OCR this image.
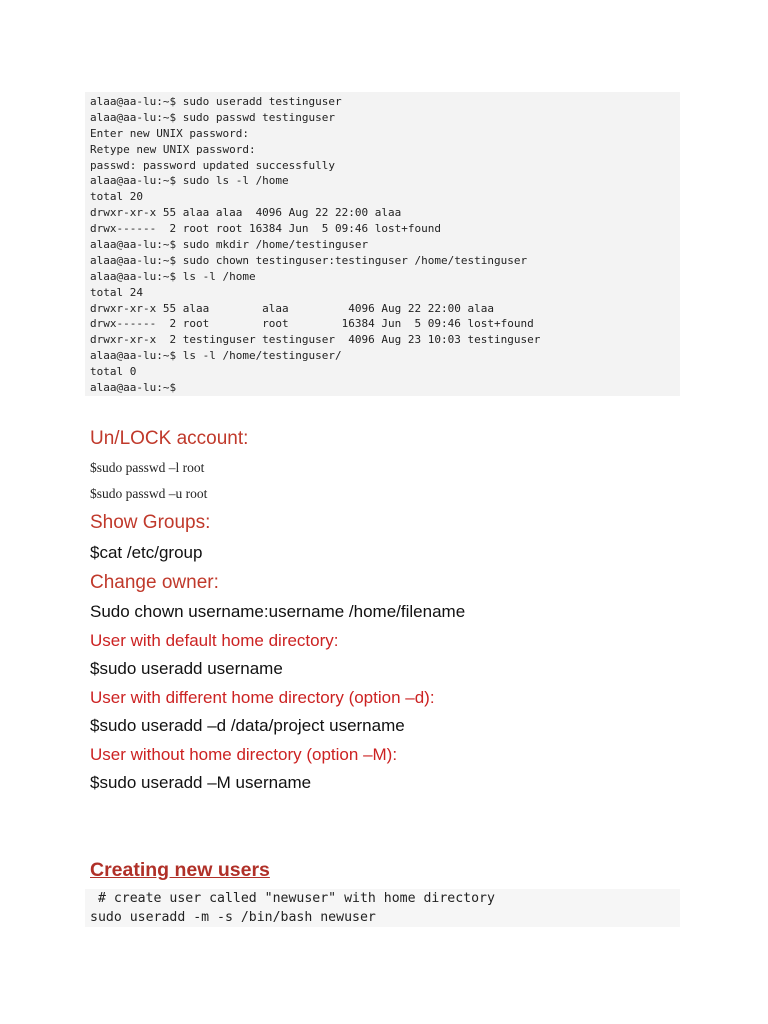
alaa@aa-lu:~$ sudo useradd testinguser
alaa@aa-lu:~$ sudo passwd testinguser
Enter new UNIX password:
Retype new UNIX password:
passwd: password updated successfully
alaa@aa-lu:~$ sudo ls -l /home
total 20
drwxr-xr-x 55 alaa alaa  4096 Aug 22 22:00 alaa
drwx------  2 root root 16384 Jun  5 09:46 lost+found
alaa@aa-lu:~$ sudo mkdir /home/testinguser
alaa@aa-lu:~$ sudo chown testinguser:testinguser /home/testinguser
alaa@aa-lu:~$ ls -l /home
total 24
drwxr-xr-x 55 alaa        alaa         4096 Aug 22 22:00 alaa
drwx------  2 root        root        16384 Jun  5 09:46 lost+found
drwxr-xr-x  2 testinguser testinguser  4096 Aug 23 10:03 testinguser
alaa@aa-lu:~$ ls -l /home/testinguser/
total 0
alaa@aa-lu:~$
Un/LOCK account:
$sudo passwd –l root
$sudo passwd –u root
Show Groups:
$cat /etc/group
Change owner:
Sudo chown username:username /home/filename
User with default home directory:
$sudo useradd username
User with different home directory (option –d):
$sudo useradd –d /data/project username
User without home directory (option –M):
$sudo useradd –M username
Creating new users
# create user called "newuser" with home directory
sudo useradd -m -s /bin/bash newuser
